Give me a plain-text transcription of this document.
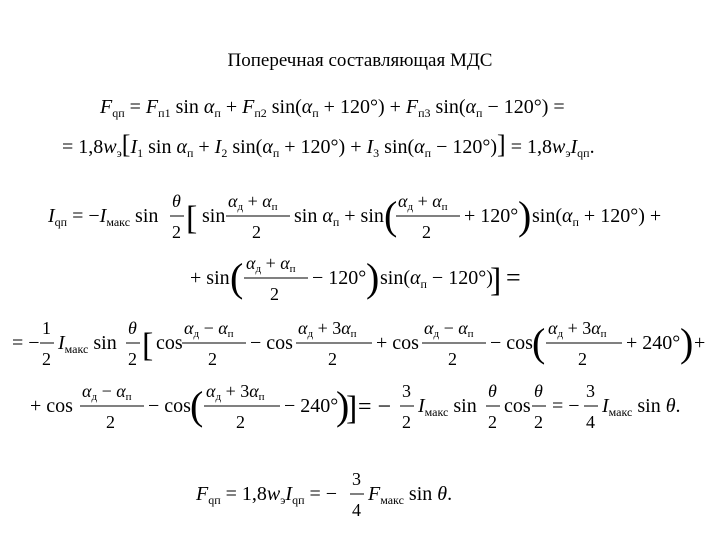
Поперечная составляющая МДС
$F_{qп} = F_{п1}$ $\sin \alpha_п + F_{п2}$ $\sin(\alpha_п + 120^\circ) + F_{п3}$ $\sin(\alpha_п - 120^\circ)$ =
= $1,8w_э[I_1$ $\sin \alpha_п + I_2$ $\sin(\alpha_п + 120^\circ) + I_3$ $\sin(\alpha_п - 120^\circ)] = 1,8w_эI_{qп}$.
$I_{qп} = -I_{макс}$ sin
θ
2 [ sin
αд + αп
2
$\sin \alpha_п + \sin$ ( αд + αп
2
+ 120° ) $\sin(\alpha_п + 120^\circ)$ +
+ sin ( αд + αп
2
− 120° ) $\sin(\alpha_п - 120^\circ)$
] =
= −
1
2
$I_{макс}$ sin
θ
2 [ cos
αд − αп
2
− cos
αд + 3αп
2
+ cos
αд − αп
2
− cos ( αд + 3αп
2
+ 240° ) +
+ cos
αд − αп
2
− cos ( αд + 3αп
2
− 240°
)
] = −
3
2
$I_{макс}$ sin
θ
2
cos
θ
2
= −
3
4
$I_{макс}$ sin θ.
$F_{qп} = 1,8w_эI_{qп}$ = −
3
4
$F_{макс}$ sin θ.
